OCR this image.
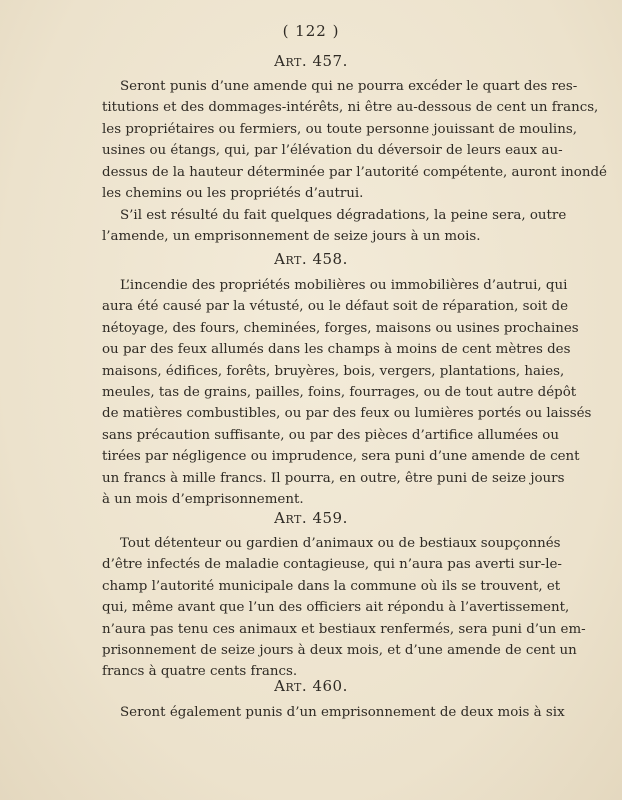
( 122 )
Art. 457.

Seront punis d’une amende qui ne pourra excéder le quart des res-
titutions et des dommages-intérêts, ni être au-dessous de cent un francs,
les propriétaires ou fermiers, ou toute personne jouissant de moulins,
usines ou étangs, qui, par l’élévation du déversoir de leurs eaux au-
dessus de la hauteur déterminée par l’autorité compétente, auront inondé
les chemins ou les propriétés d’autrui.

S’il est résulté du fait quelques dégradations, la peine sera, outre
l’amende, un emprisonnement de seize jours à un mois.

Art. 458.

L’incendie des propriétés mobilières ou immobilières d’autrui, qui
aura été causé par la vétusté, ou le défaut soit de réparation, soit de
nétoyage, des fours, cheminées, forges, maisons ou usines prochaines
ou par des feux allumés dans les champs à moins de cent mètres des
maisons, édifices, forêts, bruyères, bois, vergers, plantations, haies,
meules, tas de grains, pailles, foins, fourrages, ou de tout autre dépôt
de matières combustibles, ou par des feux ou lumières portés ou laissés
sans précaution suffisante, ou par des pièces d’artifice allumées ou
tirées par négligence ou imprudence, sera puni d’une amende de cent
un francs à mille francs. Il pourra, en outre, être puni de seize jours
à un mois d’emprisonnement.

Art. 459.

Tout détenteur ou gardien d’animaux ou de bestiaux soupçonnés
d’être infectés de maladie contagieuse, qui n’aura pas averti sur-le-
champ l’autorité municipale dans la commune où ils se trouvent, et
qui, même avant que l’un des officiers ait répondu à l’avertissement,
n’aura pas tenu ces animaux et bestiaux renfermés, sera puni d’un em-
prisonnement de seize jours à deux mois, et d’une amende de cent un
francs à quatre cents francs.

Art. 460.

Seront également punis d’un emprisonnement de deux mois à six
